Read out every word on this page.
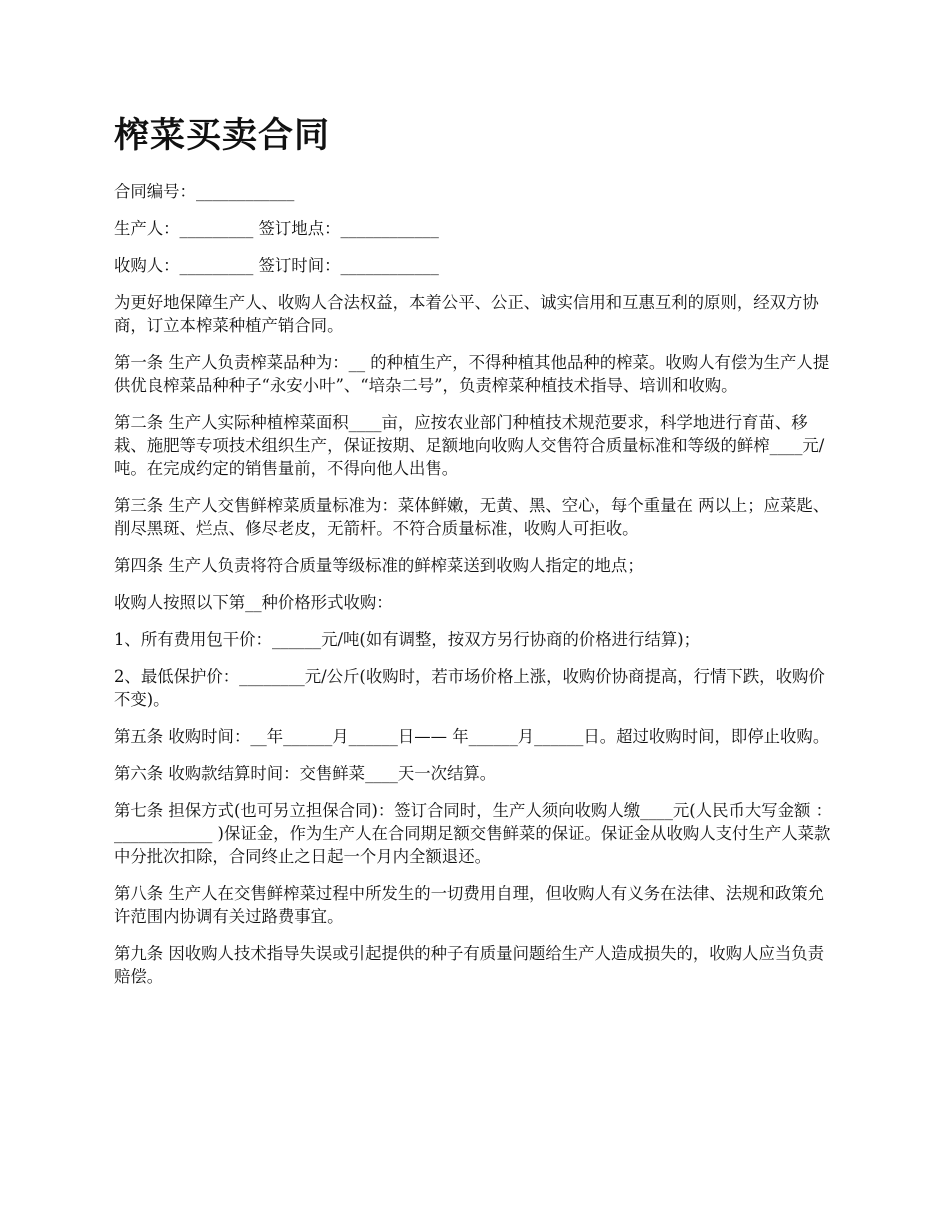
榨菜买卖合同

合同编号：____________

生产人：_________ 签订地点：____________

收购人：_________ 签订时间：____________

为更好地保障生产人、收购人合法权益，本着公平、公正、诚实信用和互惠互利的原则，经双方协商，订立本榨菜种植产销合同。

第一条 生产人负责榨菜品种为：__ 的种植生产，不得种植其他品种的榨菜。收购人有偿为生产人提供优良榨菜品种种子“永安小叶”、“培杂二号”，负责榨菜种植技术指导、培训和收购。

第二条 生产人实际种植榨菜面积____亩，应按农业部门种植技术规范要求，科学地进行育苗、移栽、施肥等专项技术组织生产，保证按期、足额地向收购人交售符合质量标准和等级的鲜榨____元/吨。在完成约定的销售量前，不得向他人出售。

第三条 生产人交售鲜榨菜质量标准为：菜体鲜嫩，无黄、黑、空心，每个重量在 两以上；应菜匙、削尽黑斑、烂点、修尽老皮，无箭杆。不符合质量标准，收购人可拒收。

第四条 生产人负责将符合质量等级标准的鲜榨菜送到收购人指定的地点；

收购人按照以下第__种价格形式收购：

1、所有费用包干价：______元/吨(如有调整，按双方另行协商的价格进行结算)；

2、最低保护价：________元/公斤(收购时，若市场价格上涨，收购价协商提高，行情下跌，收购价不变)。

第五条 收购时间：__年______月______日—— 年______月______日。超过收购时间，即停止收购。

第六条 收购款结算时间：交售鲜菜____天一次结算。

第七条 担保方式(也可另立担保合同)：签订合同时，生产人须向收购人缴____元(人民币大写金额 ：____________ )保证金，作为生产人在合同期足额交售鲜菜的保证。保证金从收购人支付生产人菜款中分批次扣除，合同终止之日起一个月内全额退还。

第八条 生产人在交售鲜榨菜过程中所发生的一切费用自理，但收购人有义务在法律、法规和政策允许范围内协调有关过路费事宜。

第九条 因收购人技术指导失误或引起提供的种子有质量问题给生产人造成损失的，收购人应当负责赔偿。
